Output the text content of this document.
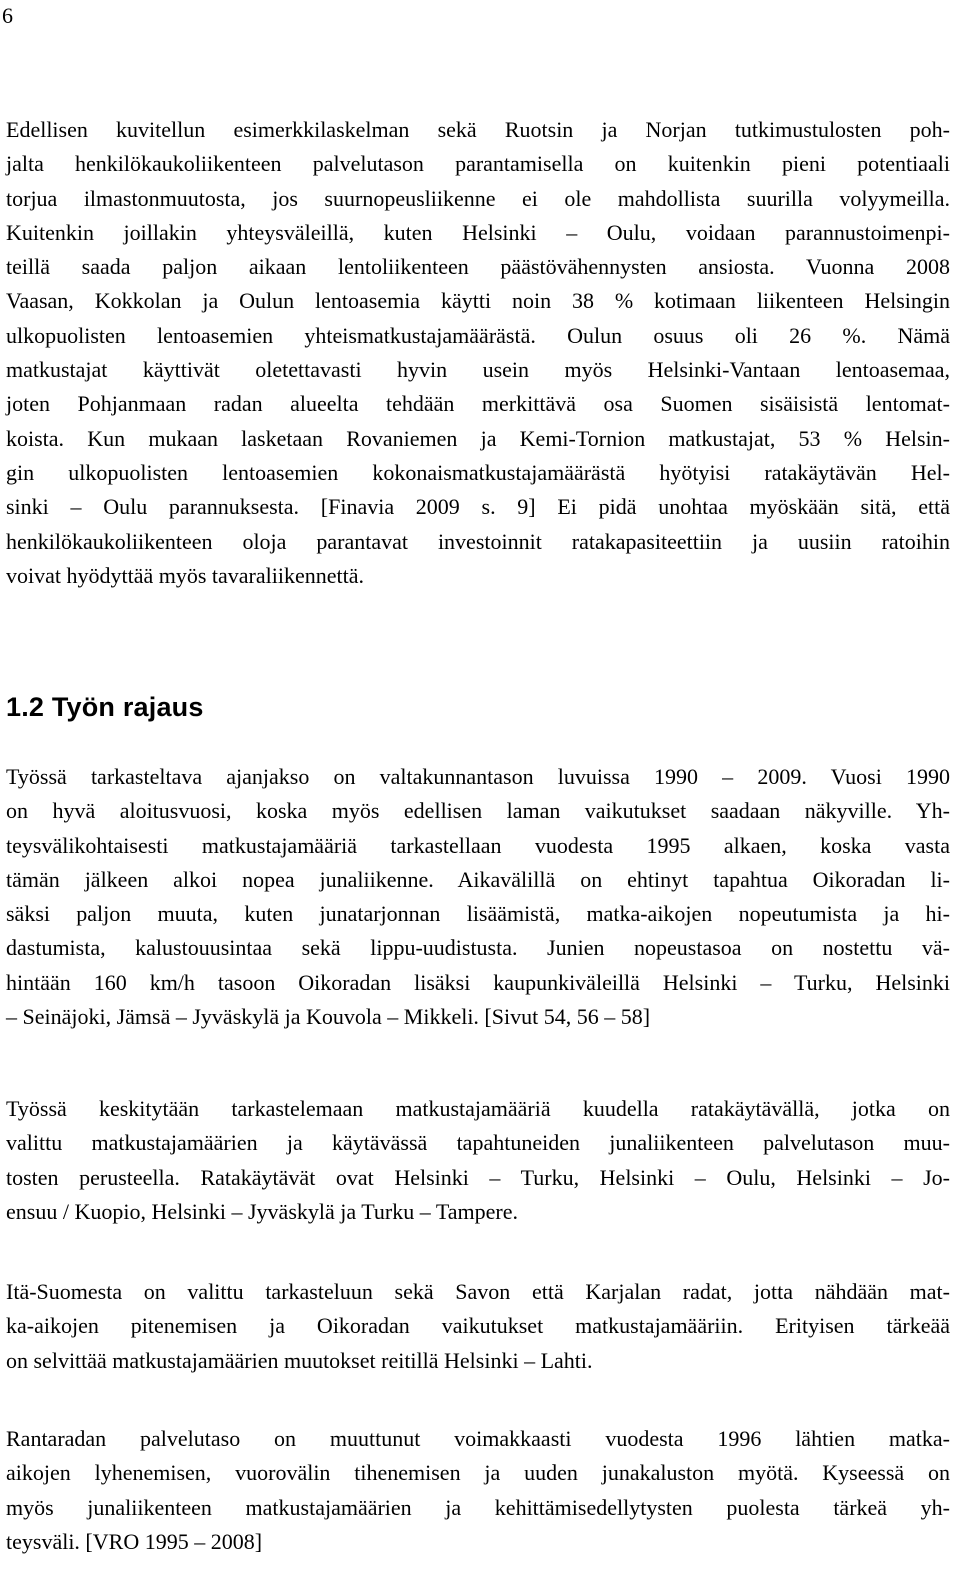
6
Edellisen kuvitellun esimerkkilaskelman sekä Ruotsin ja Norjan tutkimustulosten poh-
jalta henkilökaukoliikenteen palvelutason parantamisella on kuitenkin pieni potentiaali
torjua ilmastonmuutosta, jos suurnopeusliikenne ei ole mahdollista suurilla volyymeilla.
Kuitenkin joillakin yhteysväleillä, kuten Helsinki – Oulu, voidaan parannustoimenpi-
teillä saada paljon aikaan lentoliikenteen päästövähennysten ansiosta. Vuonna 2008
Vaasan, Kokkolan ja Oulun lentoasemia käytti noin 38 % kotimaan liikenteen Helsingin
ulkopuolisten lentoasemien yhteismatkustajamäärästä. Oulun osuus oli 26 %. Nämä
matkustajat käyttivät oletettavasti hyvin usein myös Helsinki-Vantaan lentoasemaa,
joten Pohjanmaan radan alueelta tehdään merkittävä osa Suomen sisäisistä lentomat-
koista. Kun mukaan lasketaan Rovaniemen ja Kemi-Tornion matkustajat, 53 % Helsin-
gin ulkopuolisten lentoasemien kokonaismatkustajamäärästä hyötyisi ratakäytävän Hel-
sinki – Oulu parannuksesta. [Finavia 2009 s. 9] Ei pidä unohtaa myöskään sitä, että
henkilökaukoliikenteen oloja parantavat investoinnit ratakapasiteettiin ja uusiin ratoihin
voivat hyödyttää myös tavaraliikennettä.
1.2 Työn rajaus
Työssä tarkasteltava ajanjakso on valtakunnantason luvuissa 1990 – 2009. Vuosi 1990
on hyvä aloitusvuosi, koska myös edellisen laman vaikutukset saadaan näkyville. Yh-
teysvälikohtaisesti matkustajamääriä tarkastellaan vuodesta 1995 alkaen, koska vasta
tämän jälkeen alkoi nopea junaliikenne. Aikavälillä on ehtinyt tapahtua Oikoradan li-
säksi paljon muuta, kuten junatarjonnan lisäämistä, matka-aikojen nopeutumista ja hi-
dastumista, kalustouusintaa sekä lippu-uudistusta. Junien nopeustasoa on nostettu vä-
hintään 160 km/h tasoon Oikoradan lisäksi kaupunkiväleillä Helsinki – Turku, Helsinki
– Seinäjoki, Jämsä – Jyväskylä ja Kouvola – Mikkeli. [Sivut 54, 56 – 58]
Työssä keskitytään tarkastelemaan matkustajamääriä kuudella ratakäytävällä, jotka on
valittu matkustajamäärien ja käytävässä tapahtuneiden junaliikenteen palvelutason muu-
tosten perusteella. Ratakäytävät ovat Helsinki – Turku, Helsinki – Oulu, Helsinki – Jo-
ensuu / Kuopio, Helsinki – Jyväskylä ja Turku – Tampere.
Itä-Suomesta on valittu tarkasteluun sekä Savon että Karjalan radat, jotta nähdään mat-
ka-aikojen pitenemisen ja Oikoradan vaikutukset matkustajamääriin. Erityisen tärkeää
on selvittää matkustajamäärien muutokset reitillä Helsinki – Lahti.
Rantaradan palvelutaso on muuttunut voimakkaasti vuodesta 1996 lähtien matka-
aikojen lyhenemisen, vuorovälin tihenemisen ja uuden junakaluston myötä. Kyseessä on
myös junaliikenteen matkustajamäärien ja kehittämisedellytysten puolesta tärkeä yh-
teysväli. [VRO 1995 – 2008]
